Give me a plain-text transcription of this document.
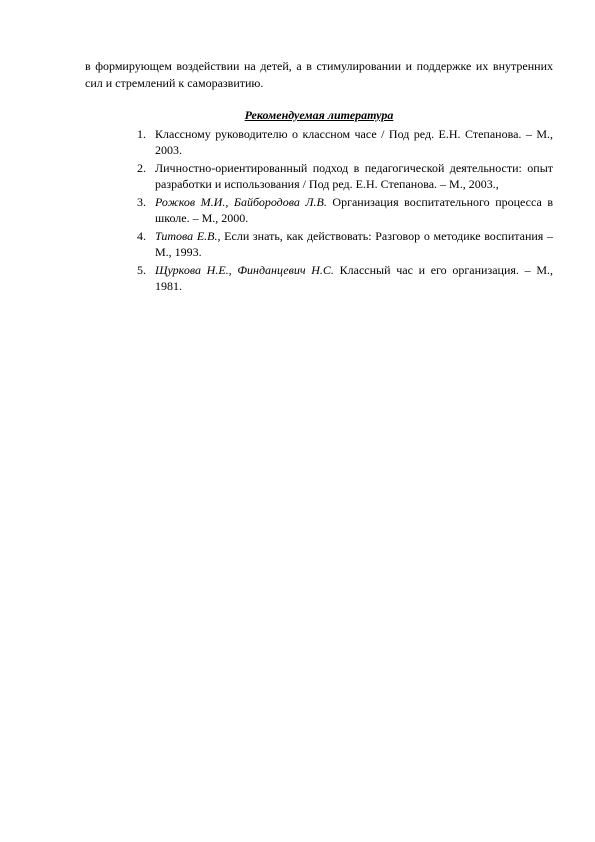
в формирующем воздействии на детей, а в стимулировании и поддержке их внутренних сил и стремлений к саморазвитию.

Рекомендуемая литература

1. Классному руководителю о классном часе / Под ред. Е.Н. Степанова. – М., 2003.
2. Личностно-ориентированный подход в педагогической деятельности: опыт разработки и использования / Под ред. Е.Н. Степанова. – М., 2003.,
3. Рожков М.И., Байбородова Л.В. Организация воспитательного процесса в школе. – М., 2000.
4. Титова Е.В., Если знать, как действовать: Разговор о методике воспитания – М., 1993.
5. Щуркова Н.Е., Финданцевич Н.С. Классный час и его организация. – М., 1981.
